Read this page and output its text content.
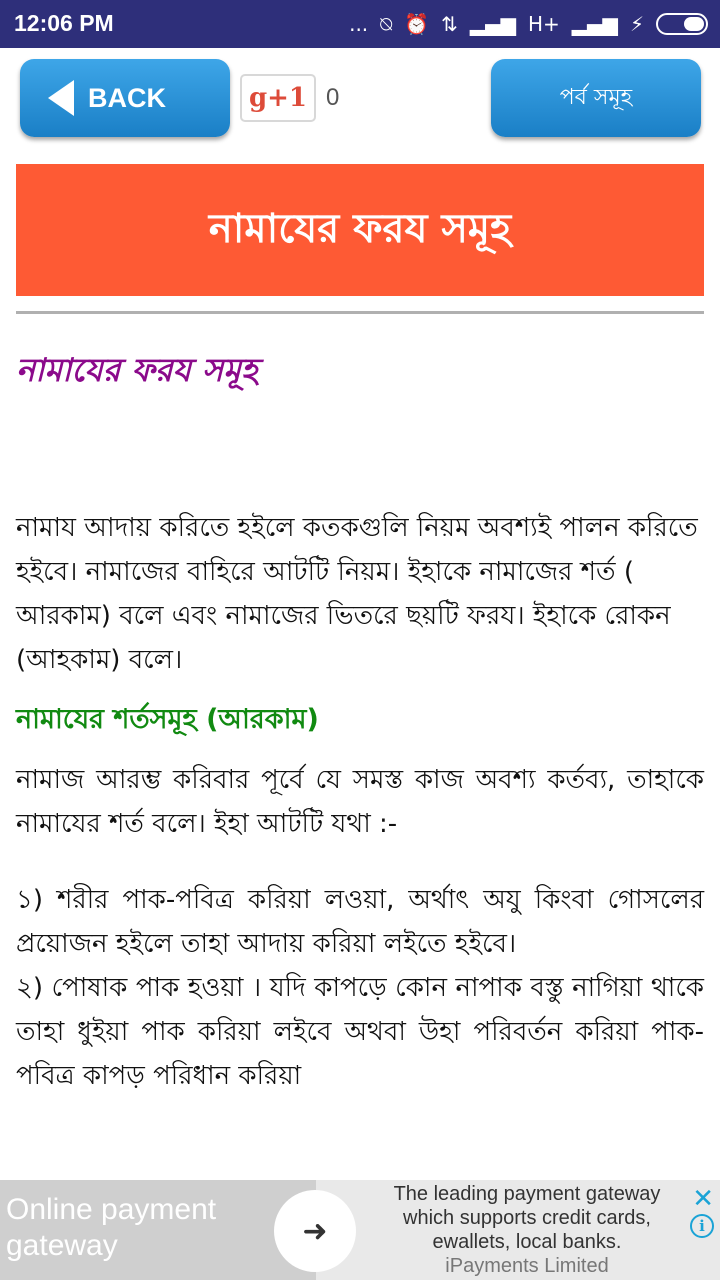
12:06 PM	... ⍉ ⏰ ⇅ ▂▄▆ H+ ▂▄▆ ⚡
BACK	g+1 0	পর্ব সমূহ
নামাযের ফরয সমূহ
নামাযের ফরয সমূহ

নামায আদায় করিতে হইলে কতকগুলি নিয়ম অবশ্যই পালন করিতে হইবে। নামাজের বাহিরে আটটি নিয়ম। ইহাকে নামাজের শর্ত ( আরকাম) বলে এবং নামাজের ভিতরে ছয়টি ফরয। ইহাকে রোকন (আহকাম) বলে।

নামাযের শর্তসমূহ (আরকাম)

নামাজ আরম্ভ করিবার পূর্বে যে সমস্ত কাজ অবশ্য কর্তব্য, তাহাকে নামাযের শর্ত বলে। ইহা আটটি যথা :-

১) শরীর পাক-পবিত্র করিয়া লওয়া, অর্থাৎ অযু কিংবা গোসলের প্রয়োজন হইলে তাহা আদায় করিয়া লইতে হইবে।

২) পোষাক পাক হওয়া । যদি কাপড়ে কোন নাপাক বস্তু নাগিয়া থাকে তাহা ধুইয়া পাক করিয়া লইবে অথবা উহা পরিবর্তন করিয়া পাক-পবিত্র কাপড় পরিধান করিয়া

Online payment gateway	➜
The leading payment gateway which supports credit cards, ewallets, local banks.
iPayments Limited
✕
i
